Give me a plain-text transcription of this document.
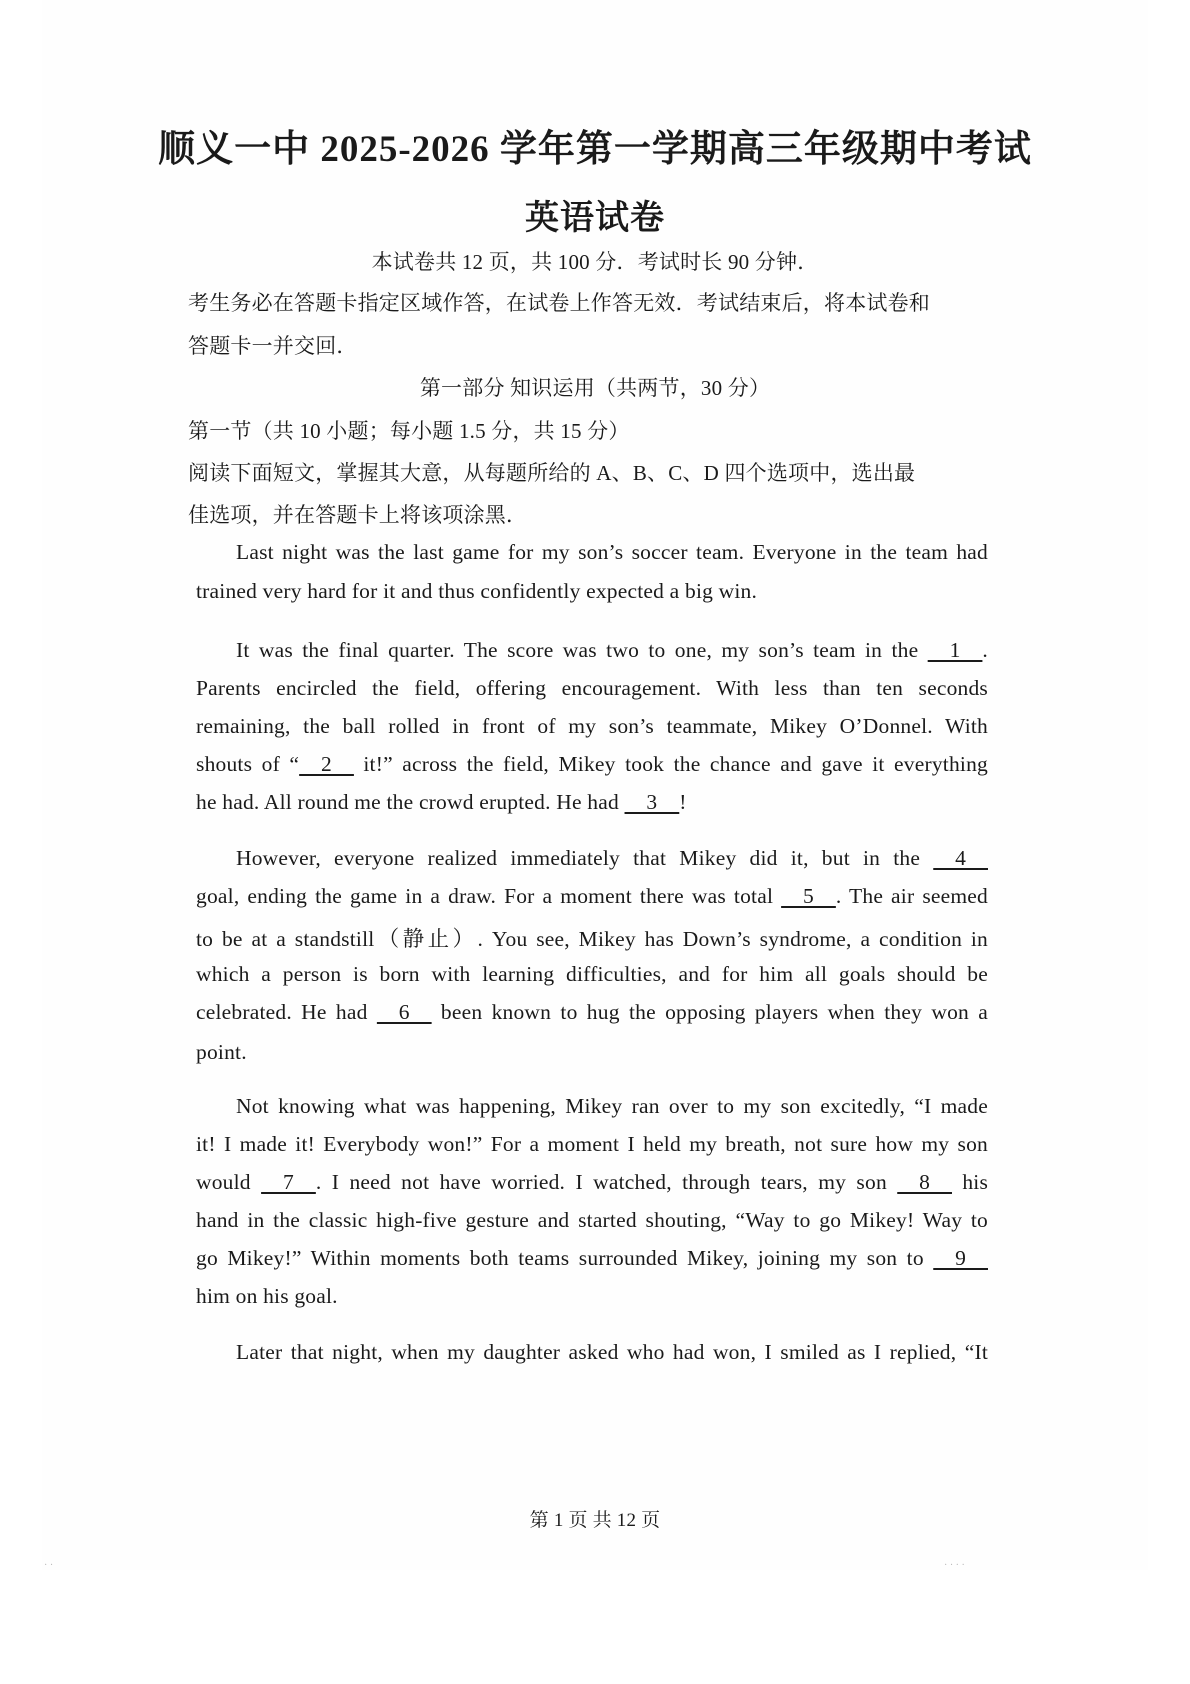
顺义一中 2025-2026 学年第一学期高三年级期中考试
英语试卷
本试卷共 12 页，共 100 分．考试时长 90 分钟．
考生务必在答题卡指定区域作答，在试卷上作答无效．考试结束后，将本试卷和
答题卡一并交回．
第一部分 知识运用（共两节，30 分）
第一节（共 10 小题；每小题 1.5 分，共 15 分）
阅读下面短文，掌握其大意，从每题所给的 A、B、C、D 四个选项中，选出最
佳选项，并在答题卡上将该项涂黑．
Last night was the last game for my son’s soccer team. Everyone in the team had
trained very hard for it and thus confidently expected a big win.
It was the final quarter. The score was two to one, my son’s team in the   1  .
Parents encircled the field, offering encouragement. With less than ten seconds
remaining, the ball rolled in front of my son’s teammate, Mikey O’Donnel. With
shouts of “  2   it!” across the field, Mikey took the chance and gave it everything
he had. All round me the crowd erupted. He had   3  !
However, everyone realized immediately that Mikey did it, but in the   4  
goal, ending the game in a draw. For a moment there was total   5  . The air seemed
to be at a standstill（静止）. You see, Mikey has Down’s syndrome, a condition in
which a person is born with learning difficulties, and for him all goals should be
celebrated. He had   6   been known to hug the opposing players when they won a
point.
Not knowing what was happening, Mikey ran over to my son excitedly, “I made
it! I made it! Everybody won!” For a moment I held my breath, not sure how my son
would   7  . I need not have worried. I watched, through tears, my son   8   his
hand in the classic high-five gesture and started shouting, “Way to go Mikey! Way to
go Mikey!” Within moments both teams surrounded Mikey, joining my son to   9  
him on his goal.
Later that night, when my daughter asked who had won, I smiled as I replied, “It
第 1 页 共 12 页
· ·	· · · ·
